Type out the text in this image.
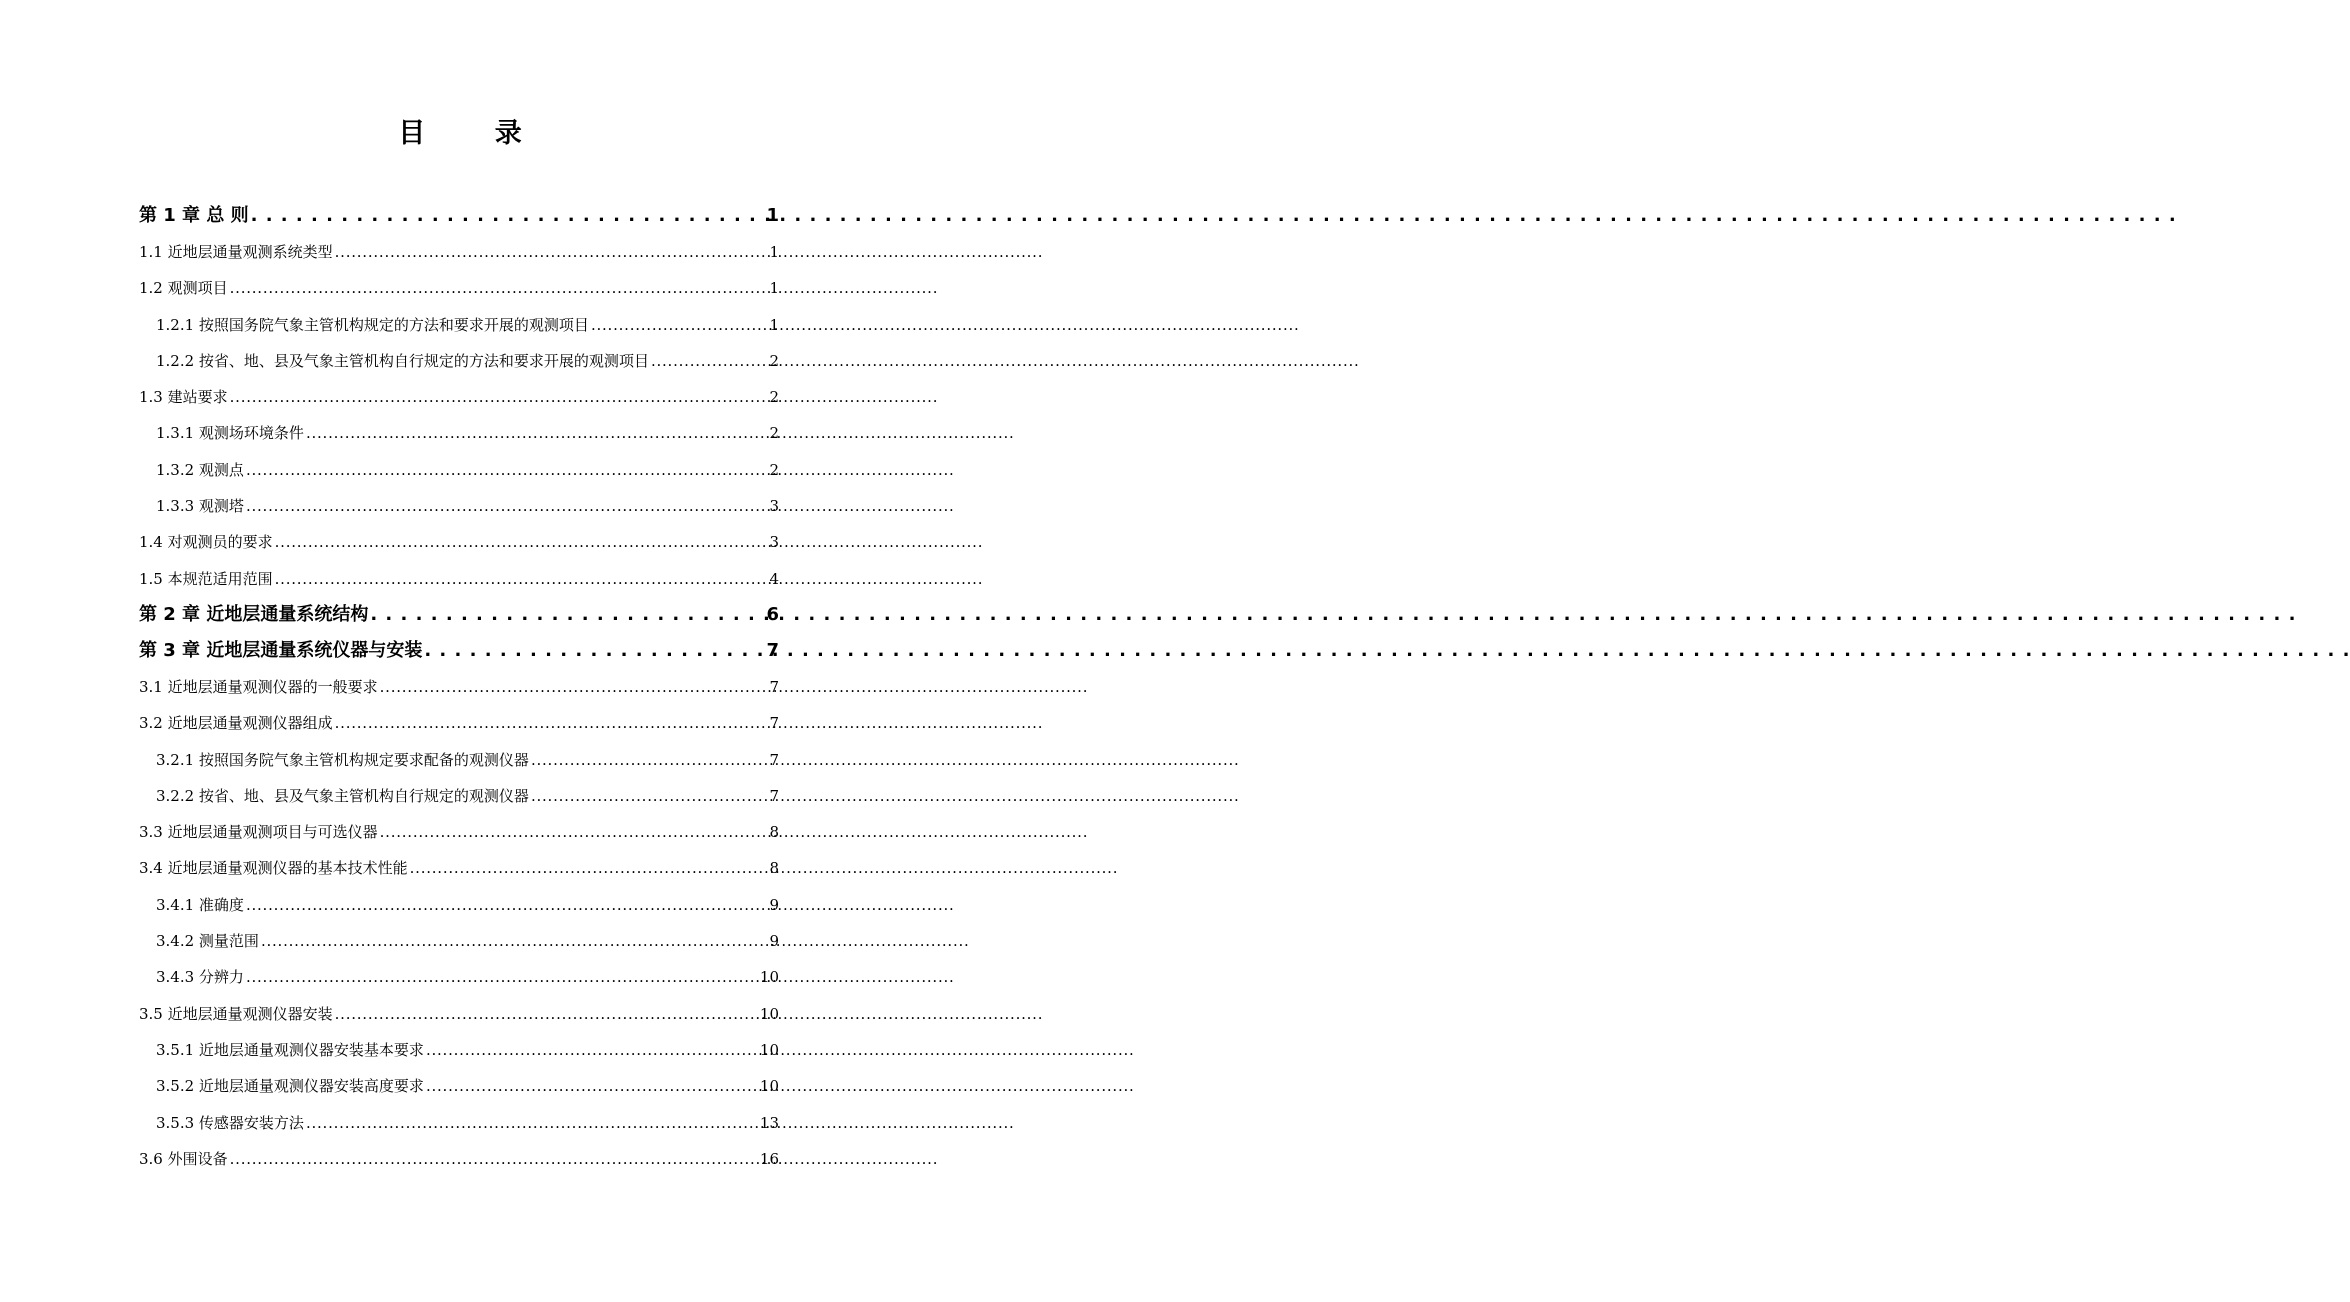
目 录
第 1 章 总 则 . . .	1
1.1 近地层通量观测系统类型 . . .	1
1.2 观测项目 . . .	1
1.2.1 按照国务院气象主管机构规定的方法和要求开展的观测项目 . . .	1
1.2.2 按省、地、县及气象主管机构自行规定的方法和要求开展的观测项目 . . .	2
1.3 建站要求 . . .	2
1.3.1 观测场环境条件 . . .	2
1.3.2 观测点 . . .	2
1.3.3 观测塔 . . .	3
1.4 对观测员的要求 . . .	3
1.5 本规范适用范围 . . .	4
第 2 章 近地层通量系统结构 . . .	6
第 3 章 近地层通量系统仪器与安装 . . .	7
3.1 近地层通量观测仪器的一般要求 . . .	7
3.2 近地层通量观测仪器组成 . . .	7
3.2.1 按照国务院气象主管机构规定要求配备的观测仪器 . . .	7
3.2.2 按省、地、县及气象主管机构自行规定的观测仪器 . . .	7
3.3 近地层通量观测项目与可选仪器 . . .	8
3.4 近地层通量观测仪器的基本技术性能 . . .	8
3.4.1 准确度 . . .	9
3.4.2 测量范围 . . .	9
3.4.3 分辨力 . . .	10
3.5 近地层通量观测仪器安装 . . .	10
3.5.1 近地层通量观测仪器安装基本要求 . . .	10
3.5.2 近地层通量观测仪器安装高度要求 . . .	10
3.5.3 传感器安装方法 . . .	13
3.6 外围设备 . . .	16
